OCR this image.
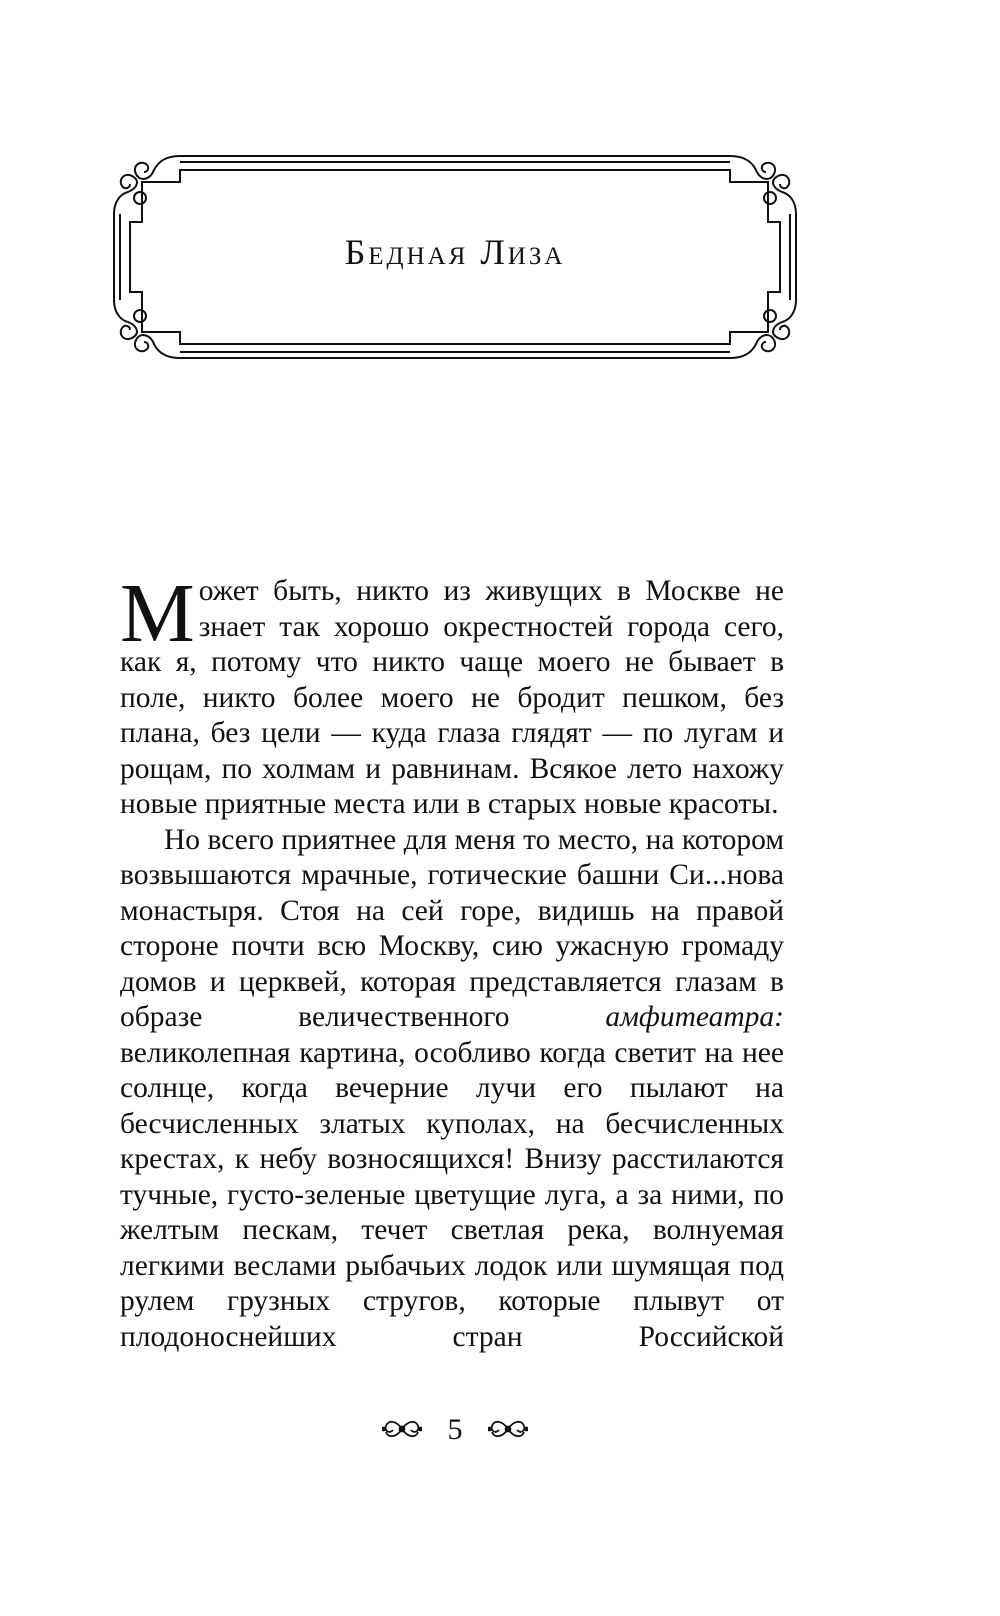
Бедная Лиза

Может быть, никто из живущих в Москве не знает так хорошо окрестностей города сего, как я, потому что никто чаще моего не бывает в поле, никто более моего не бродит пешком, без плана, без цели — куда глаза глядят — по лугам и рощам, по холмам и равнинам. Всякое лето нахожу новые приятные места или в старых новые красоты.

Но всего приятнее для меня то место, на котором возвышаются мрачные, готические башни Си...нова монастыря. Стоя на сей горе, видишь на правой стороне почти всю Москву, сию ужасную громаду домов и церквей, которая представляется глазам в образе величественного амфитеатра: великолепная картина, особливо когда светит на нее солнце, когда вечерние лучи его пылают на бесчисленных златых куполах, на бесчисленных крестах, к небу возносящихся! Внизу расстилаются тучные, густо-зеленые цветущие луга, а за ними, по желтым пескам, течет светлая река, волнуемая легкими веслами рыбачьих лодок или шумящая под рулем грузных стругов, которые плывут от плодоноснейших стран Российской

5
